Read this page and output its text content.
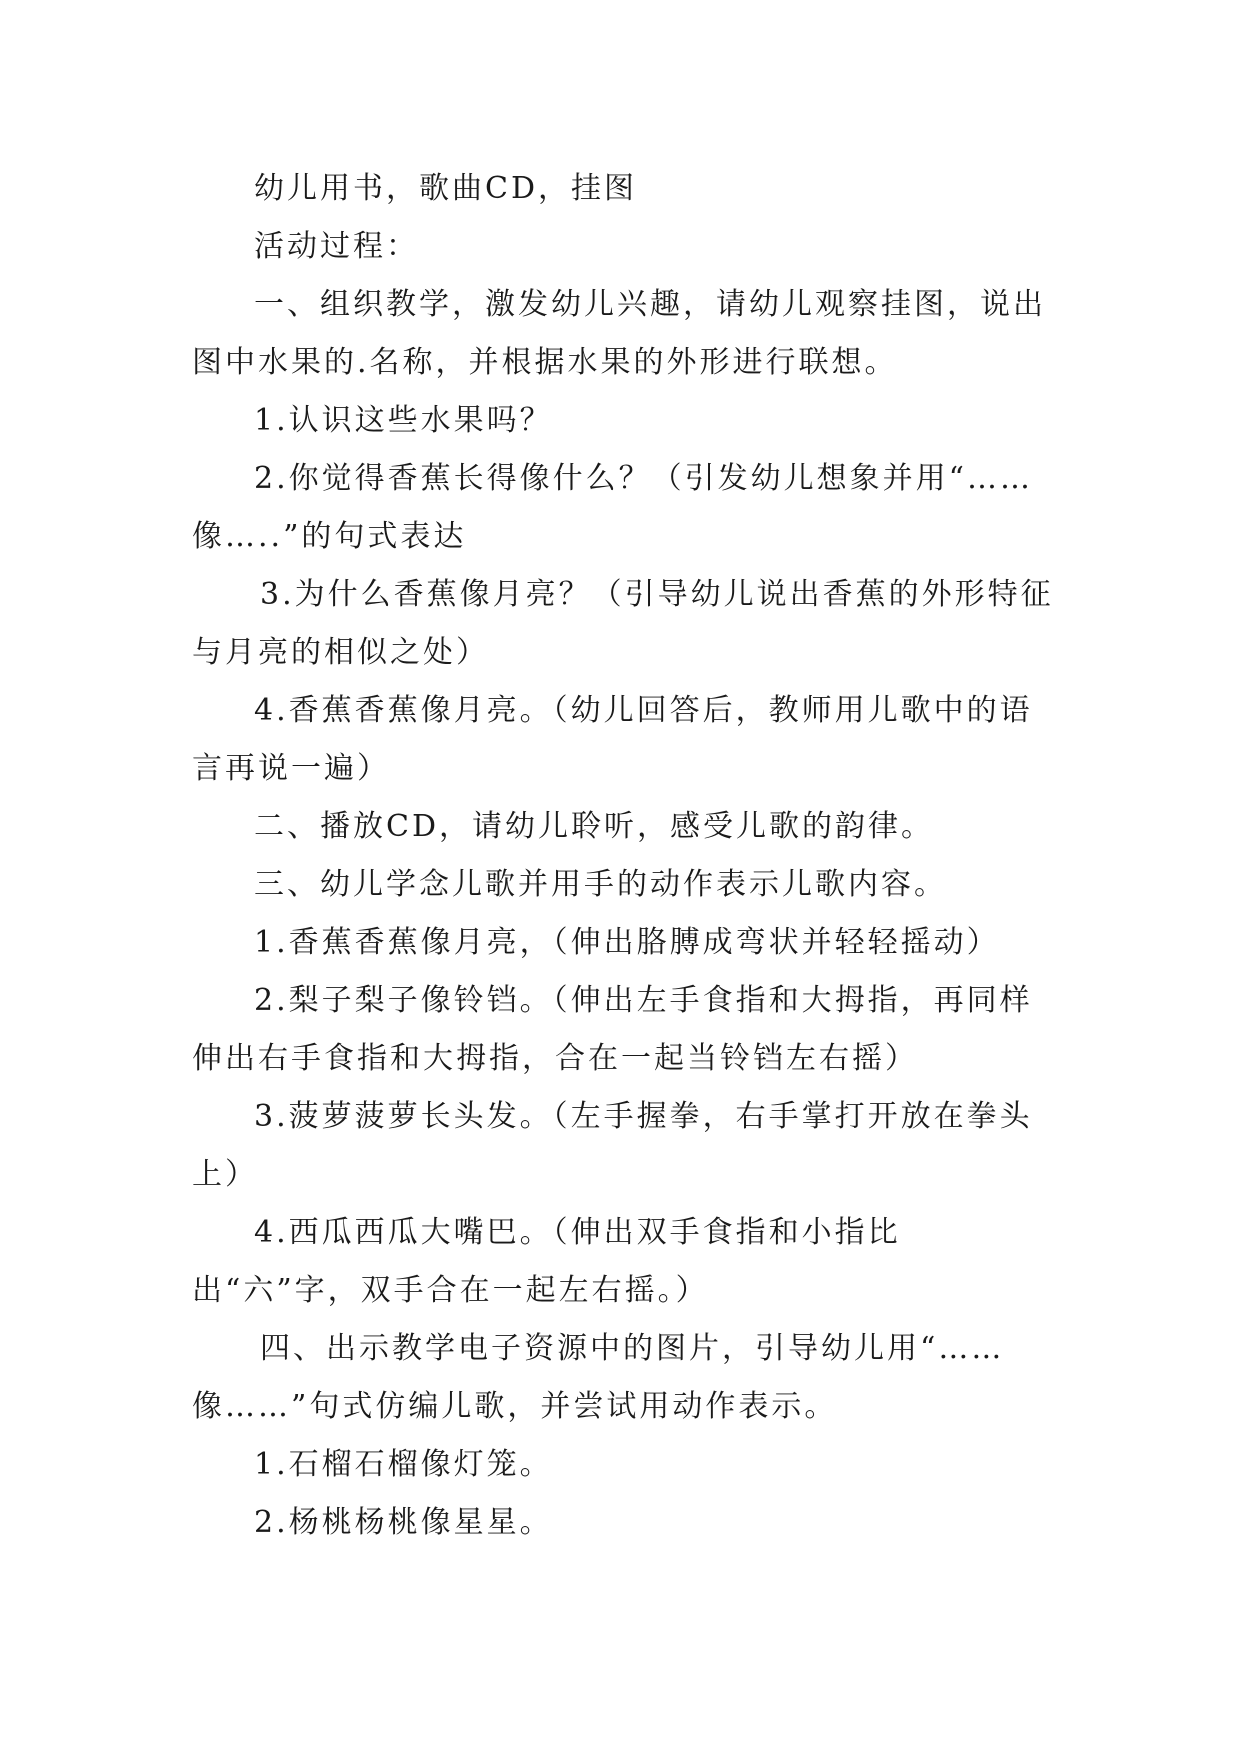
幼儿用书，歌曲CD，挂图

活动过程：

一、组织教学，激发幼儿兴趣，请幼儿观察挂图，说出图中水果的.名称，并根据水果的外形进行联想。

1.认识这些水果吗？

2.你觉得香蕉长得像什么？（引发幼儿想象并用“……像…..”的句式表达

3.为什么香蕉像月亮？（引导幼儿说出香蕉的外形特征与月亮的相似之处）

4.香蕉香蕉像月亮。（幼儿回答后，教师用儿歌中的语言再说一遍）

二、播放CD，请幼儿聆听，感受儿歌的韵律。

三、幼儿学念儿歌并用手的动作表示儿歌内容。

1.香蕉香蕉像月亮，（伸出胳膊成弯状并轻轻摇动）

2.梨子梨子像铃铛。（伸出左手食指和大拇指，再同样伸出右手食指和大拇指，合在一起当铃铛左右摇）

3.菠萝菠萝长头发。（左手握拳，右手掌打开放在拳头上）

4.西瓜西瓜大嘴巴。（伸出双手食指和小指比出“六”字，双手合在一起左右摇。）

四、出示教学电子资源中的图片，引导幼儿用“……像……”句式仿编儿歌，并尝试用动作表示。

1.石榴石榴像灯笼。

2.杨桃杨桃像星星。
